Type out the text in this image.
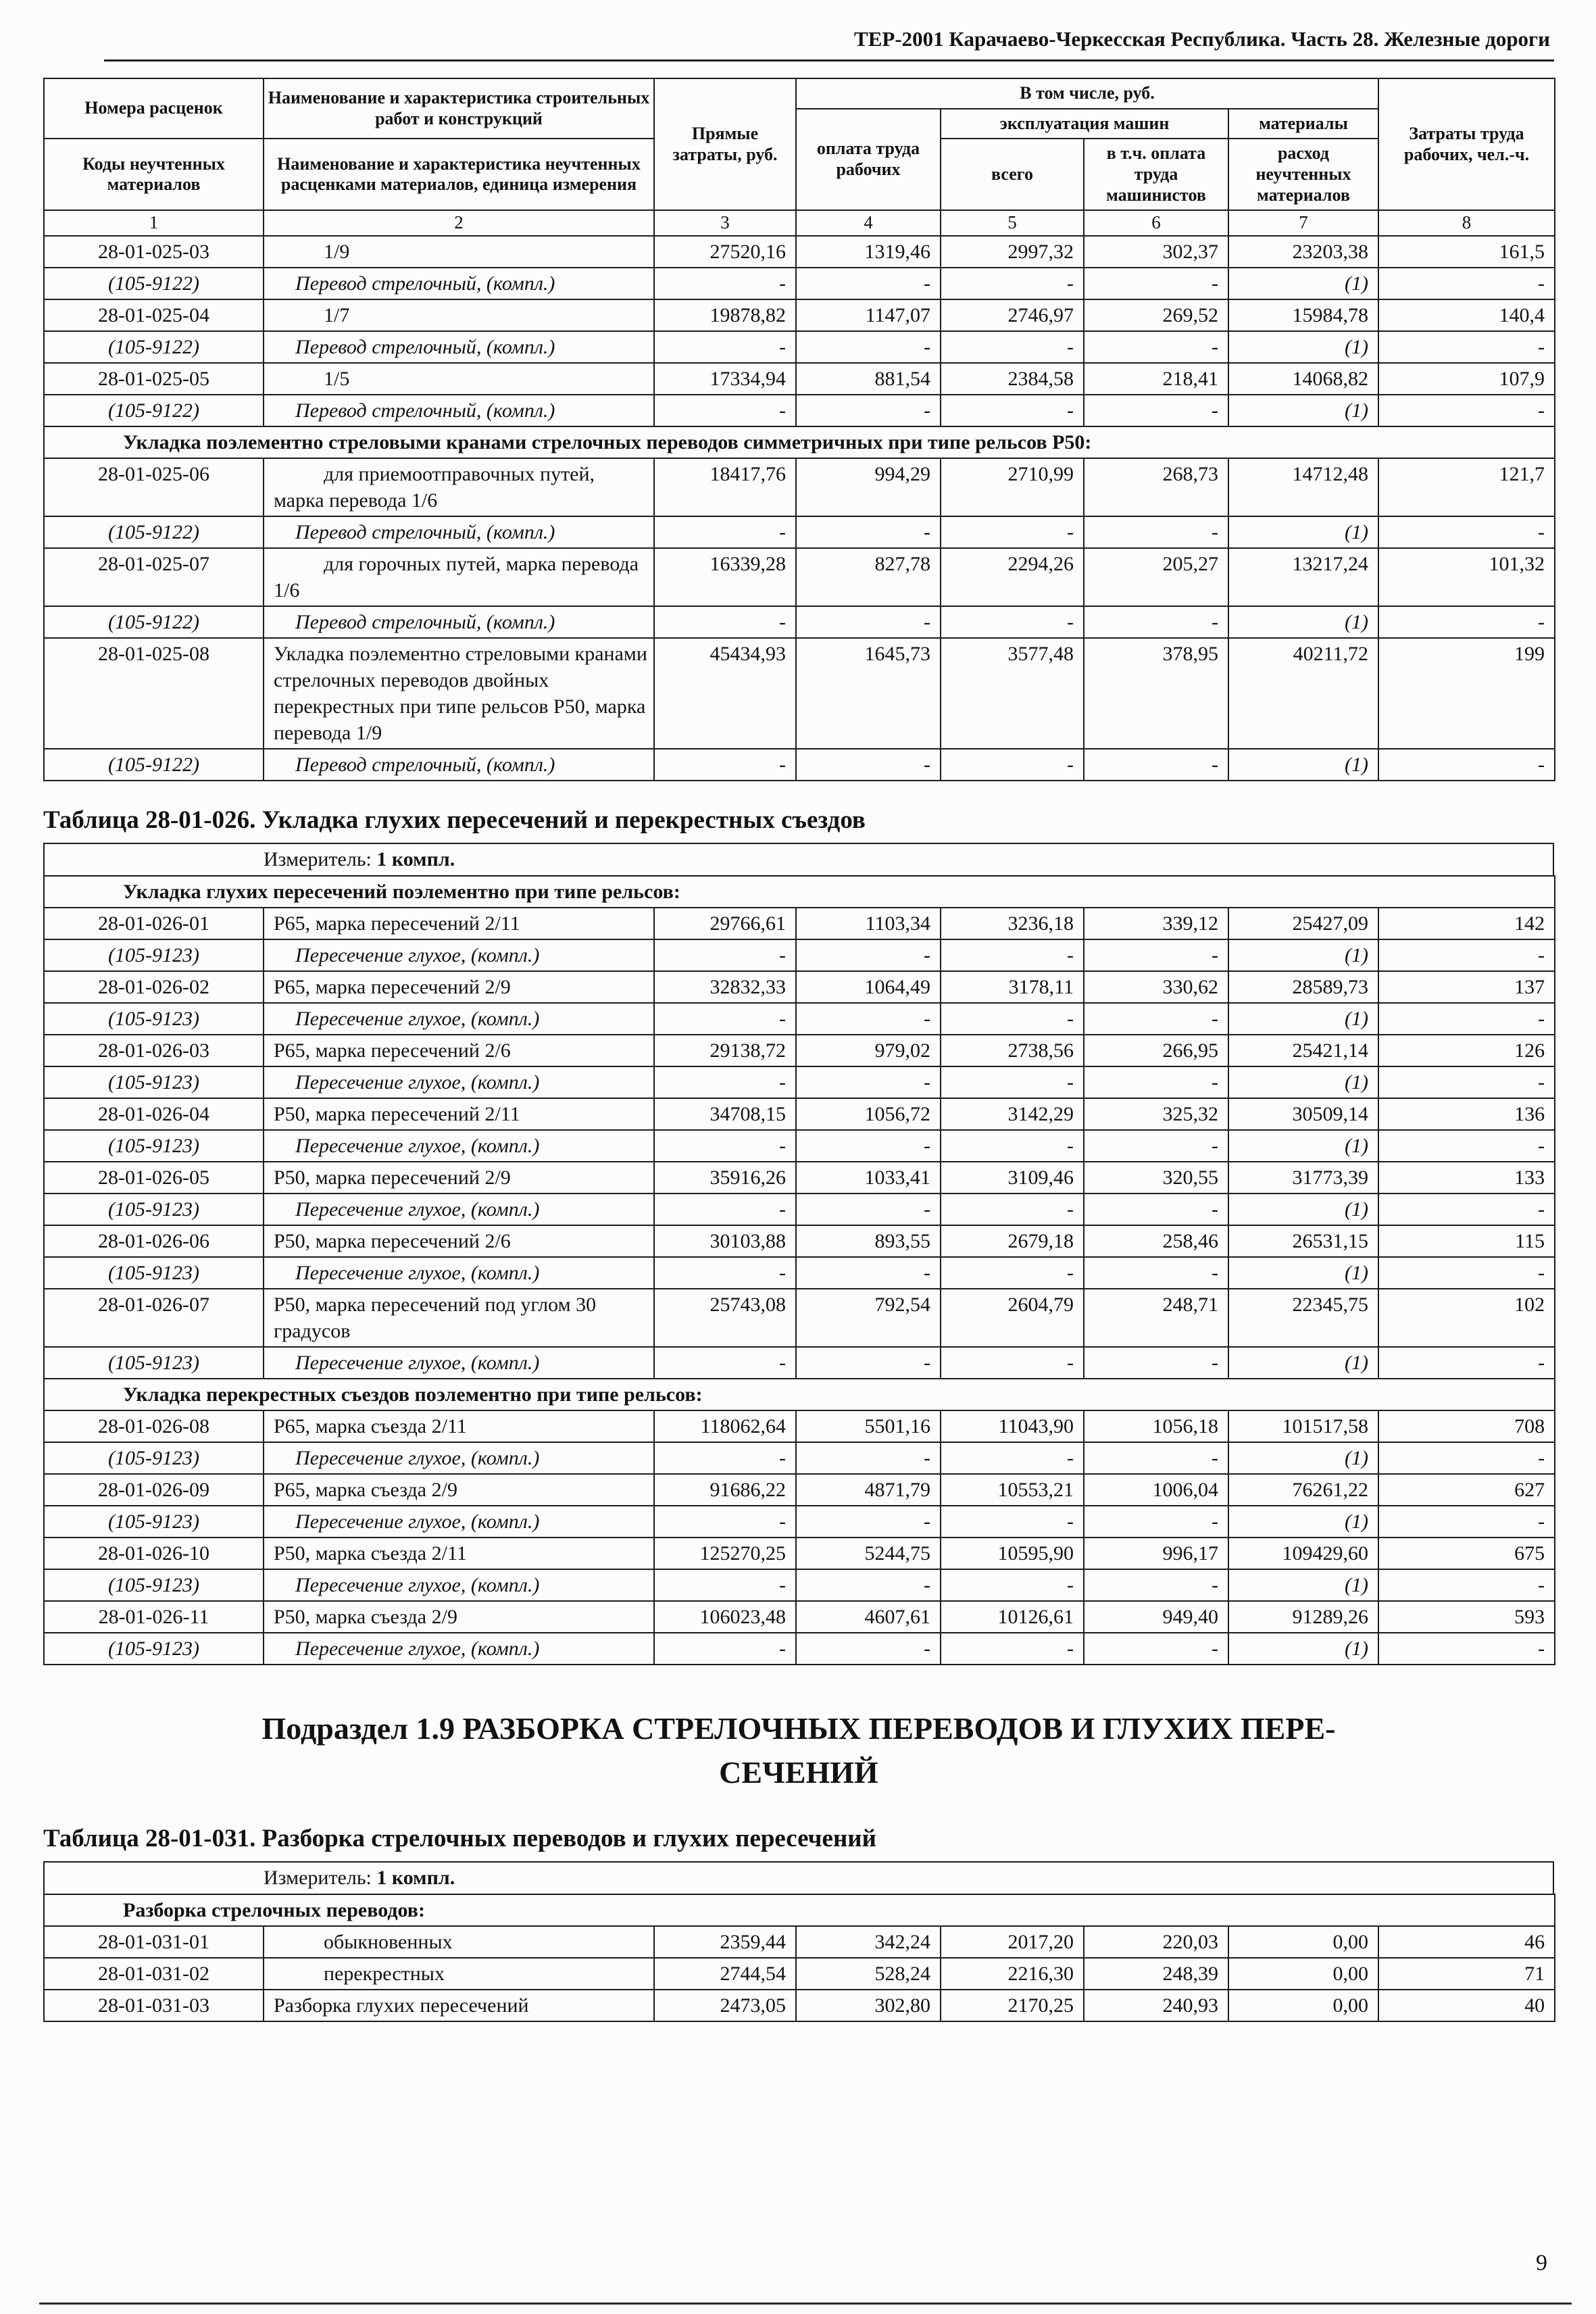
ТЕР-2001 Карачаево-Черкесская Республика. Часть 28. Железные дороги
Номера расценок	Наименование и характеристика строительных работ и конструкций	Прямые затраты, руб.	В том числе, руб.				Затраты труда рабочих, чел.-ч.
			оплата труда рабочих	эксплуатация машин		материалы	
Коды неучтенных материалов	Наименование и характеристика неучтенных расценками материалов, единица измерения			всего	в т.ч. оплата труда машинистов	расход неучтенных материалов	
1	2	3	4	5	6	7	8
28-01-025-03	1/9	27520,16	1319,46	2997,32	302,37	23203,38	161,5
(105-9122)	Перевод стрелочный, (компл.)	-	-	-	-	(1)	-
28-01-025-04	1/7	19878,82	1147,07	2746,97	269,52	15984,78	140,4
(105-9122)	Перевод стрелочный, (компл.)	-	-	-	-	(1)	-
28-01-025-05	1/5	17334,94	881,54	2384,58	218,41	14068,82	107,9
(105-9122)	Перевод стрелочный, (компл.)	-	-	-	-	(1)	-
Укладка поэлементно стреловыми кранами стрелочных переводов симметричных при типе рельсов Р50:							
28-01-025-06	для приемоотправочных путей, марка перевода 1/6	18417,76	994,29	2710,99	268,73	14712,48	121,7
(105-9122)	Перевод стрелочный, (компл.)	-	-	-	-	(1)	-
28-01-025-07	для горочных путей, марка перевода 1/6	16339,28	827,78	2294,26	205,27	13217,24	101,32
(105-9122)	Перевод стрелочный, (компл.)	-	-	-	-	(1)	-
28-01-025-08	Укладка поэлементно стреловыми кранами стрелочных переводов двойных перекрестных при типе рельсов Р50, марка перевода 1/9	45434,93	1645,73	3577,48	378,95	40211,72	199
(105-9122)	Перевод стрелочный, (компл.)	-	-	-	-	(1)	-
Таблица 28-01-026. Укладка глухих пересечений и перекрестных съездов
Измеритель: 1 компл.
Укладка глухих пересечений поэлементно при типе рельсов:							
28-01-026-01	Р65, марка пересечений 2/11	29766,61	1103,34	3236,18	339,12	25427,09	142
(105-9123)	Пересечение глухое, (компл.)	-	-	-	-	(1)	-
28-01-026-02	Р65, марка пересечений 2/9	32832,33	1064,49	3178,11	330,62	28589,73	137
(105-9123)	Пересечение глухое, (компл.)	-	-	-	-	(1)	-
28-01-026-03	Р65, марка пересечений 2/6	29138,72	979,02	2738,56	266,95	25421,14	126
(105-9123)	Пересечение глухое, (компл.)	-	-	-	-	(1)	-
28-01-026-04	Р50, марка пересечений 2/11	34708,15	1056,72	3142,29	325,32	30509,14	136
(105-9123)	Пересечение глухое, (компл.)	-	-	-	-	(1)	-
28-01-026-05	Р50, марка пересечений 2/9	35916,26	1033,41	3109,46	320,55	31773,39	133
(105-9123)	Пересечение глухое, (компл.)	-	-	-	-	(1)	-
28-01-026-06	Р50, марка пересечений 2/6	30103,88	893,55	2679,18	258,46	26531,15	115
(105-9123)	Пересечение глухое, (компл.)	-	-	-	-	(1)	-
28-01-026-07	Р50, марка пересечений под углом 30 градусов	25743,08	792,54	2604,79	248,71	22345,75	102
(105-9123)	Пересечение глухое, (компл.)	-	-	-	-	(1)	-
Укладка перекрестных съездов поэлементно при типе рельсов:							
28-01-026-08	Р65, марка съезда 2/11	118062,64	5501,16	11043,90	1056,18	101517,58	708
(105-9123)	Пересечение глухое, (компл.)	-	-	-	-	(1)	-
28-01-026-09	Р65, марка съезда 2/9	91686,22	4871,79	10553,21	1006,04	76261,22	627
(105-9123)	Пересечение глухое, (компл.)	-	-	-	-	(1)	-
28-01-026-10	Р50, марка съезда 2/11	125270,25	5244,75	10595,90	996,17	109429,60	675
(105-9123)	Пересечение глухое, (компл.)	-	-	-	-	(1)	-
28-01-026-11	Р50, марка съезда 2/9	106023,48	4607,61	10126,61	949,40	91289,26	593
(105-9123)	Пересечение глухое, (компл.)	-	-	-	-	(1)	-
Подраздел 1.9 РАЗБОРКА СТРЕЛОЧНЫХ ПЕРЕВОДОВ И ГЛУХИХ ПЕРЕ-
СЕЧЕНИЙ
Таблица 28-01-031. Разборка стрелочных переводов и глухих пересечений
Измеритель: 1 компл.
Разборка стрелочных переводов:							
28-01-031-01	обыкновенных	2359,44	342,24	2017,20	220,03	0,00	46
28-01-031-02	перекрестных	2744,54	528,24	2216,30	248,39	0,00	71
28-01-031-03	Разборка глухих пересечений	2473,05	302,80	2170,25	240,93	0,00	40
9
